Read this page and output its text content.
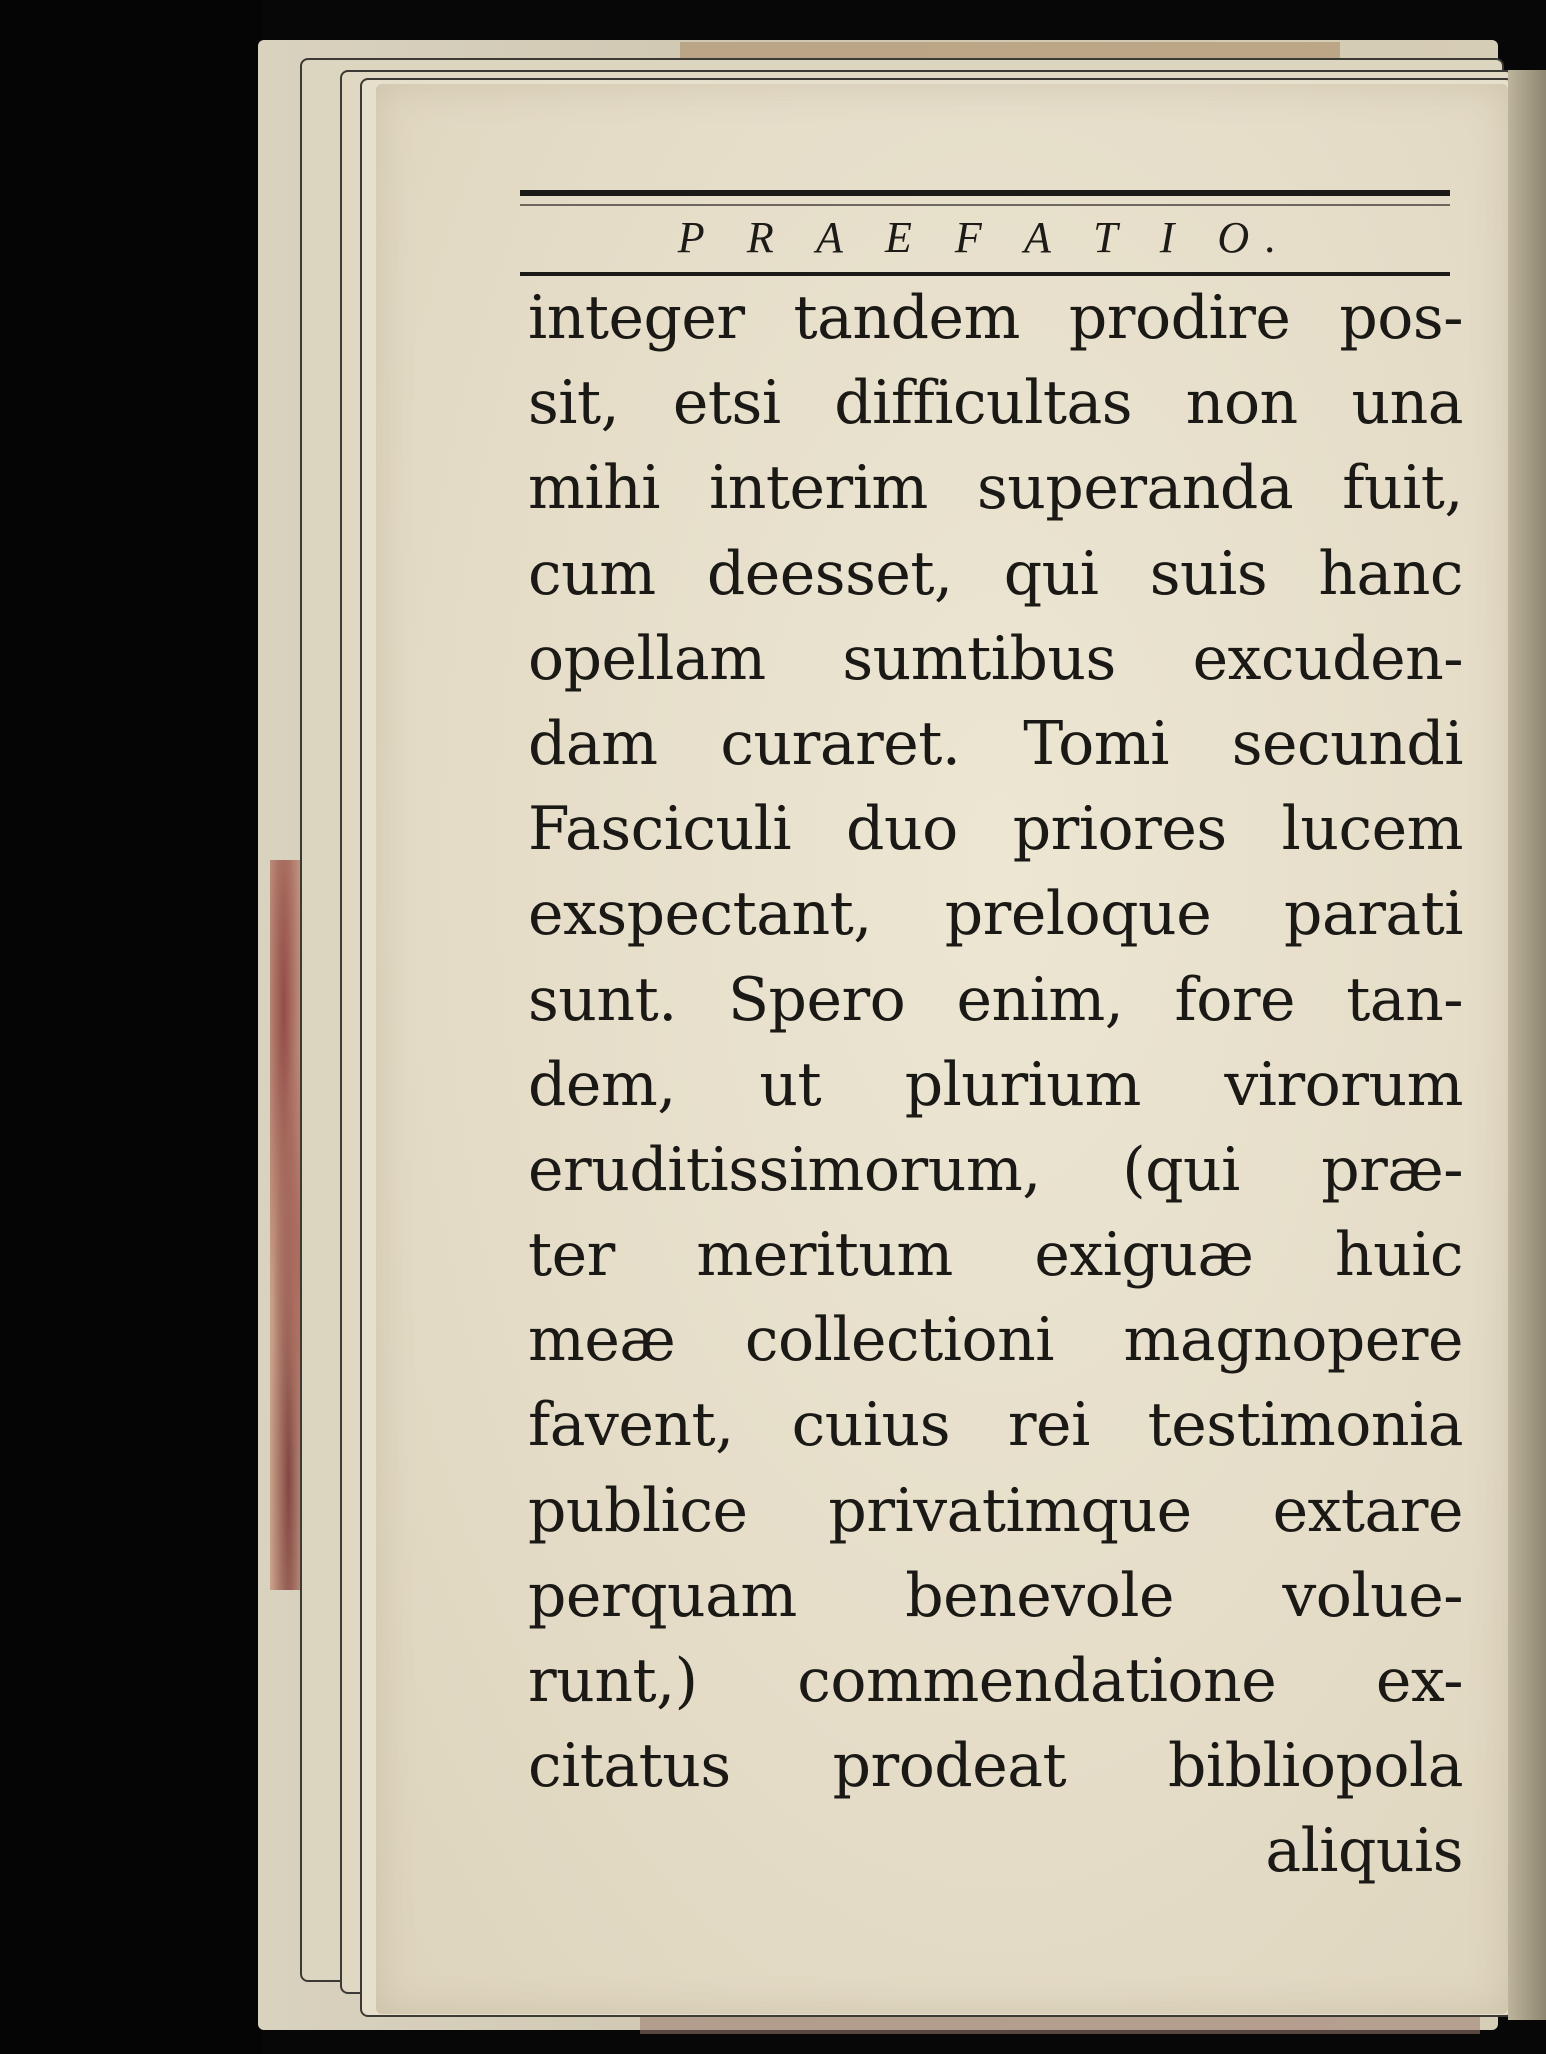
P R A E F A T I O.
integer tandem prodire pos-
sit, etsi difficultas non una
mihi interim superanda fuit,
cum deesset, qui suis hanc
opellam sumtibus excuden-
dam curaret. Tomi secundi
Fasciculi duo priores lucem
exspectant, preloque parati
sunt. Spero enim, fore tan-
dem, ut plurium virorum
eruditissimorum, (qui præ-
ter meritum exiguæ huic
meæ collectioni magnopere
favent, cuius rei testimonia
publice privatimque extare
perquam benevole volue-
runt,) commendatione ex-
citatus prodeat bibliopola
aliquis
